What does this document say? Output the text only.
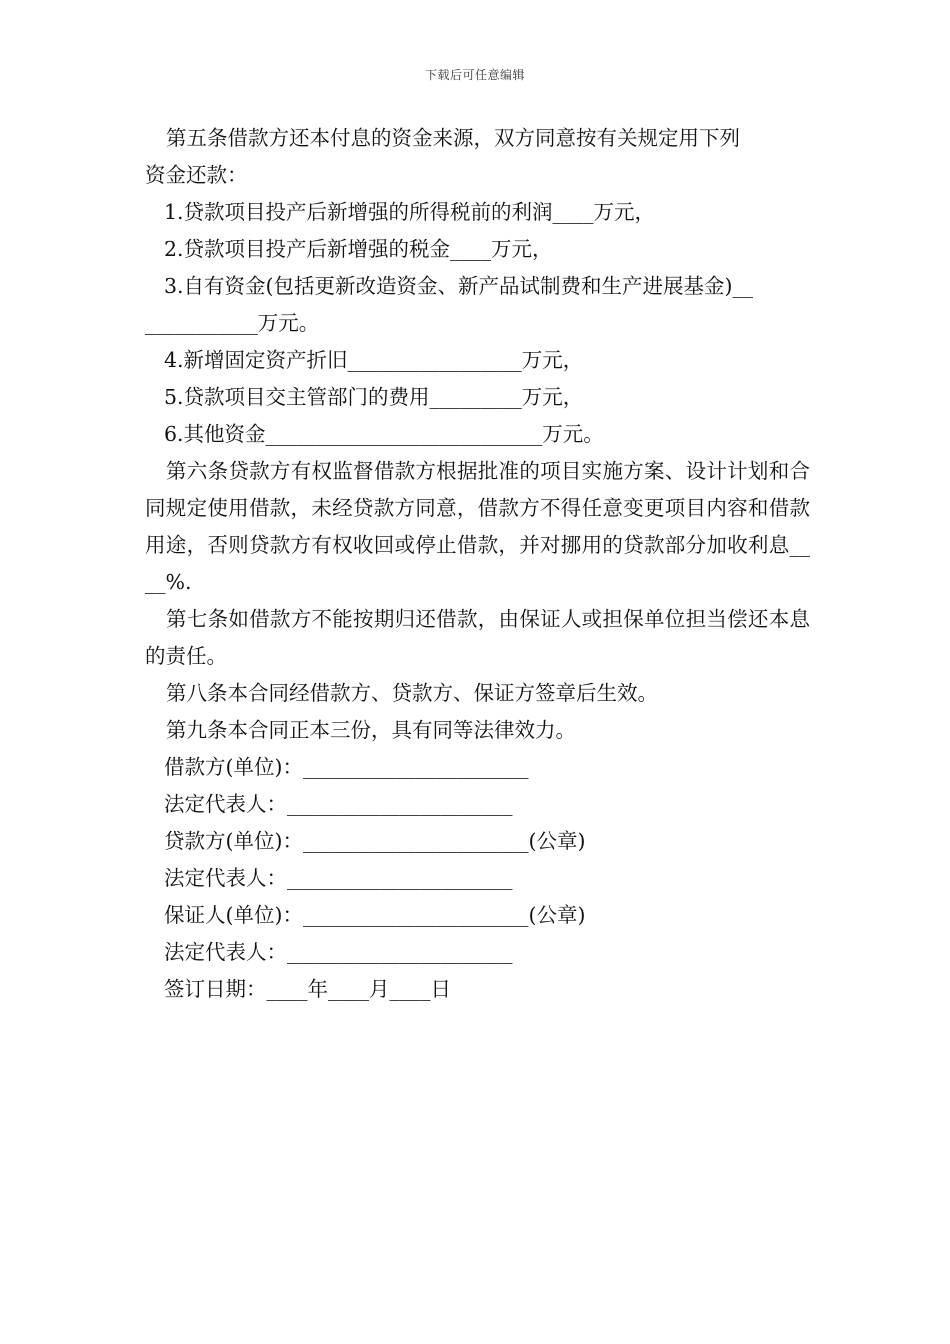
下载后可任意编辑

第五条借款方还本付息的资金来源，双方同意按有关规定用下列

资金还款：

1.贷款项目投产后新增强的所得税前的利润____万元，

2.贷款项目投产后新增强的税金____万元，

3.自有资金(包括更新改造资金、新产品试制费和生产进展基金)__

___________万元。

4.新增固定资产折旧_________________万元，

5.贷款项目交主管部门的费用_________万元，

6.其他资金___________________________万元。

第六条贷款方有权监督借款方根据批准的项目实施方案、设计计划和合同规定使用借款，未经贷款方同意，借款方不得任意变更项目内容和借款用途，否则贷款方有权收回或停止借款，并对挪用的贷款部分加收利息____%.

第七条如借款方不能按期归还借款，由保证人或担保单位担当偿还本息的责任。

第八条本合同经借款方、贷款方、保证方签章后生效。

第九条本合同正本三份，具有同等法律效力。

借款方(单位)：______________________

法定代表人：______________________

贷款方(单位)：______________________(公章)

法定代表人：______________________

保证人(单位)：______________________(公章)

法定代表人：______________________

签订日期：____年____月____日
